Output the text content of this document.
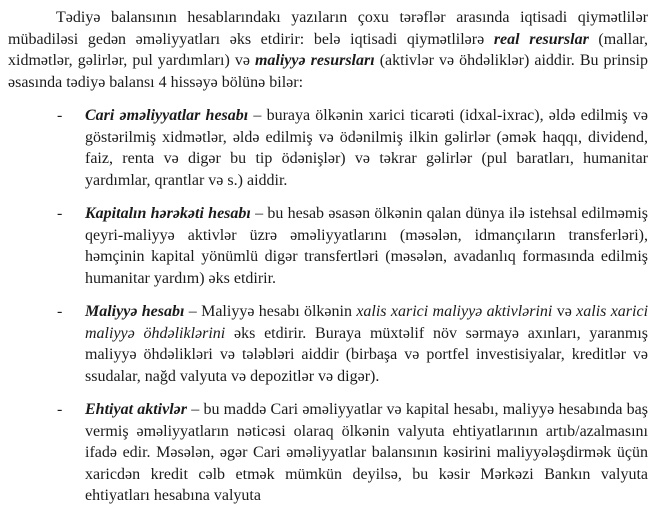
Tədiyə balansının hesablarındakı yazıların çoxu tərəflər arasında iqtisadi qiymətlilər mübadiləsi gedən əməliyyatları əks etdirir: belə iqtisadi qiymətlilərə real resurslar (mallar, xidmətlər, gəlirlər, pul yardımları) və maliyyə resursları (aktivlər və öhdəliklər) aiddir. Bu prinsip əsasında tədiyə balansı 4 hissəyə bölünə bilər:

- Cari əməliyyatlar hesabı – buraya ölkənin xarici ticarəti (idxal-ixrac), əldə edilmiş və göstərilmiş xidmətlər, əldə edilmiş və ödənilmiş ilkin gəlirlər (əmək haqqı, dividend, faiz, renta və digər bu tip ödənişlər) və təkrar gəlirlər (pul baratları, humanitar yardımlar, qrantlar və s.) aiddir.
- Kapitalın hərəkəti hesabı – bu hesab əsasən ölkənin qalan dünya ilə istehsal edilməmiş qeyri-maliyyə aktivlər üzrə əməliyyatlarını (məsələn, idmançıların transferləri), həmçinin kapital yönümlü digər transfertləri (məsələn, avadanlıq formasında edilmiş humanitar yardım) əks etdirir.
- Maliyyə hesabı – Maliyyə hesabı ölkənin xalis xarici maliyyə aktivlərini və xalis xarici maliyyə öhdəliklərini əks etdirir. Buraya müxtəlif növ sərmayə axınları, yaranmış maliyyə öhdəlikləri və tələbləri aiddir (birbaşa və portfel investisiyalar, kreditlər və ssudalar, nağd valyuta və depozitlər və digər).
- Ehtiyat aktivlər – bu maddə Cari əməliyyatlar və kapital hesabı, maliyyə hesabında baş vermiş əməliyyatların nəticəsi olaraq ölkənin valyuta ehtiyatlarının artıb/azalmasını ifadə edir. Məsələn, əgər Cari əməliyyatlar balansının kəsirini maliyyələşdirmək üçün xaricdən kredit cəlb etmək mümkün deyilsə, bu kəsir Mərkəzi Bankın valyuta ehtiyatları hesabına valyuta
